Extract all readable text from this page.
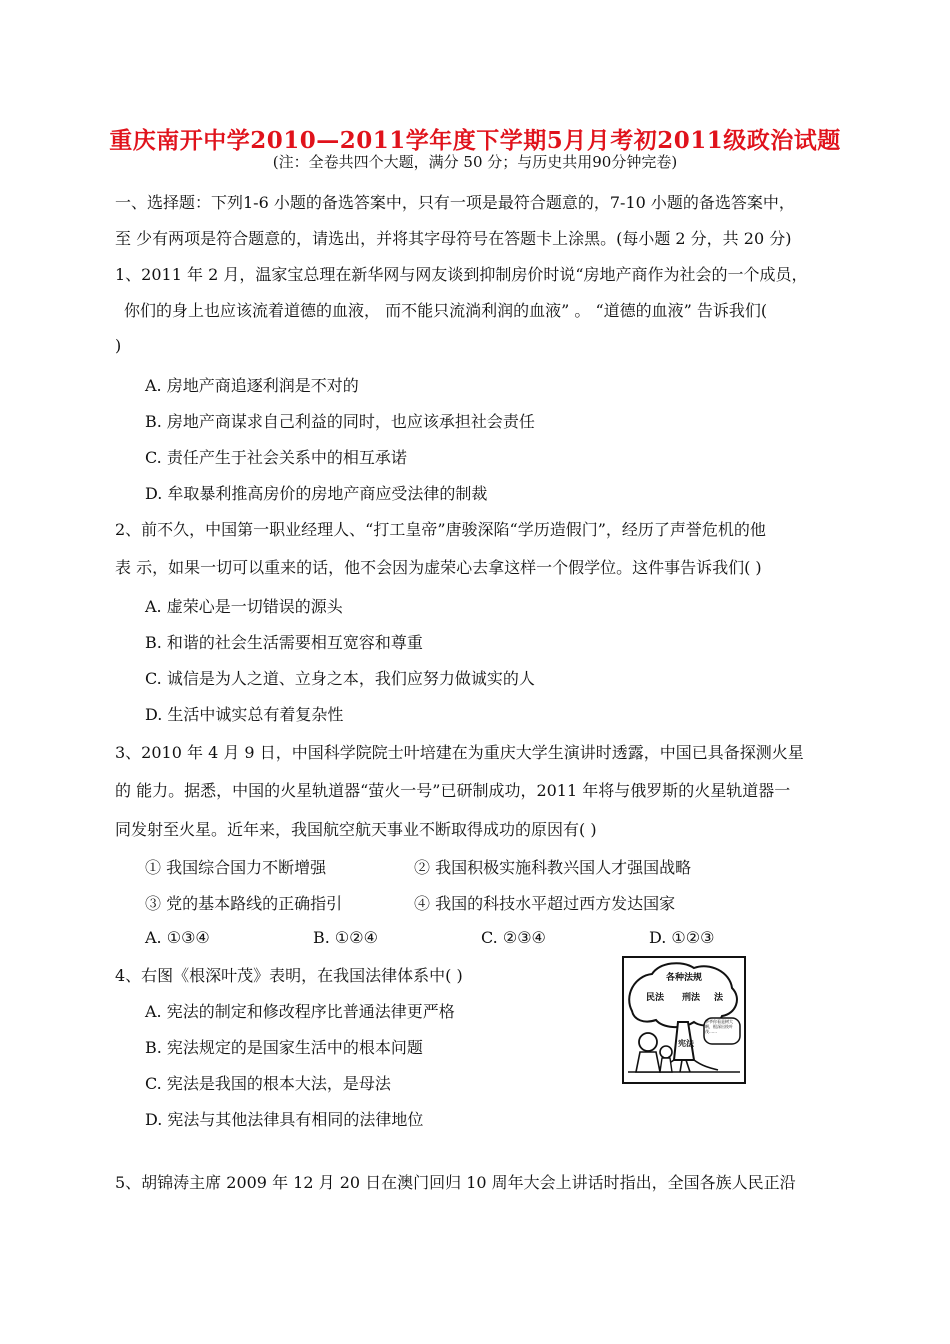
重庆南开中学2010—2011学年度下学期5月月考初2011级政治试题
(注：全卷共四个大题，满分 50 分；与历史共用90分钟完卷)
一、选择题：下列1-6 小题的备选答案中，只有一项是最符合题意的，7-10 小题的备选答案中，
至 少有两项是符合题意的，请选出，并将其字母符号在答题卡上涂黑。(每小题 2 分，共 20 分)
1、2011 年 2 月，温家宝总理在新华网与网友谈到抑制房价时说“房地产商作为社会的一个成员，
你们的身上也应该流着道德的血液， 而不能只流淌利润的血液” 。 “道德的血液” 告诉我们(
)
A. 房地产商追逐利润是不对的
B. 房地产商谋求自己利益的同时，也应该承担社会责任
C. 责任产生于社会关系中的相互承诺
D. 牟取暴利推高房价的房地产商应受法律的制裁
2、前不久，中国第一职业经理人、“打工皇帝”唐骏深陷“学历造假门”，经历了声誉危机的他
表 示，如果一切可以重来的话，他不会因为虚荣心去拿这样一个假学位。这件事告诉我们( )
A. 虚荣心是一切错误的源头
B. 和谐的社会生活需要相互宽容和尊重
C. 诚信是为人之道、立身之本，我们应努力做诚实的人
D. 生活中诚实总有着复杂性
3、2010 年 4 月 9 日，中国科学院院士叶培建在为重庆大学生演讲时透露，中国已具备探测火星
的 能力。据悉，中国的火星轨道器“萤火一号”已研制成功，2011 年将与俄罗斯的火星轨道器一
同发射至火星。近年来，我国航空航天事业不断取得成功的原因有( )
① 我国综合国力不断增强	② 我国积极实施科教兴国人才强国战略
③ 党的基本路线的正确指引	④ 我国的科技水平超过西方发达国家
A. ①③④	B. ①②④	C. ②③④	D. ①②③
4、右图《根深叶茂》表明，在我国法律体系中( )
A. 宪法的制定和修改程序比普通法律更严格
B. 宪法规定的是国家生活中的根本问题
C. 宪法是我国的根本大法，是母法
D. 宪法与其他法律具有相同的法律地位
5、胡锦涛主席 2009 年 12 月 20 日在澳门回归 10 周年大会上讲话时指出，全国各族人民正沿
各种法规
民法 刑法 法
宪法
爷爷你看是树大啊，根深出枝叶茂……
